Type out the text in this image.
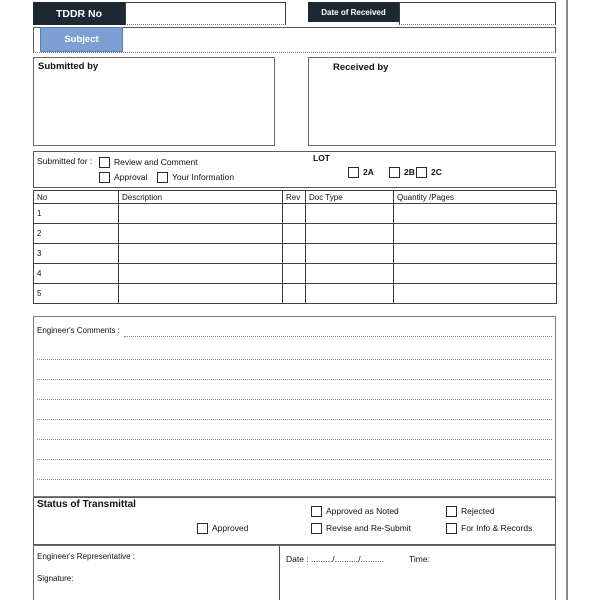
TDDR No	Date of Received
Subject
Submitted by	Received by
Submitted for :	Review and Comment
Approval	Your Information
LOT
2A	2B	2C
No	Description	Rev	Doc Type	Quantity /Pages
1				
2				
3				
4				
5				
Engineer's Comments :
Status of Transmittal
Approved as Noted	Rejected
Approved	Revise and Re-Submit	For Info & Records
Engineer's Representative :
Signature:
Date : ........./........../..........	Time:
